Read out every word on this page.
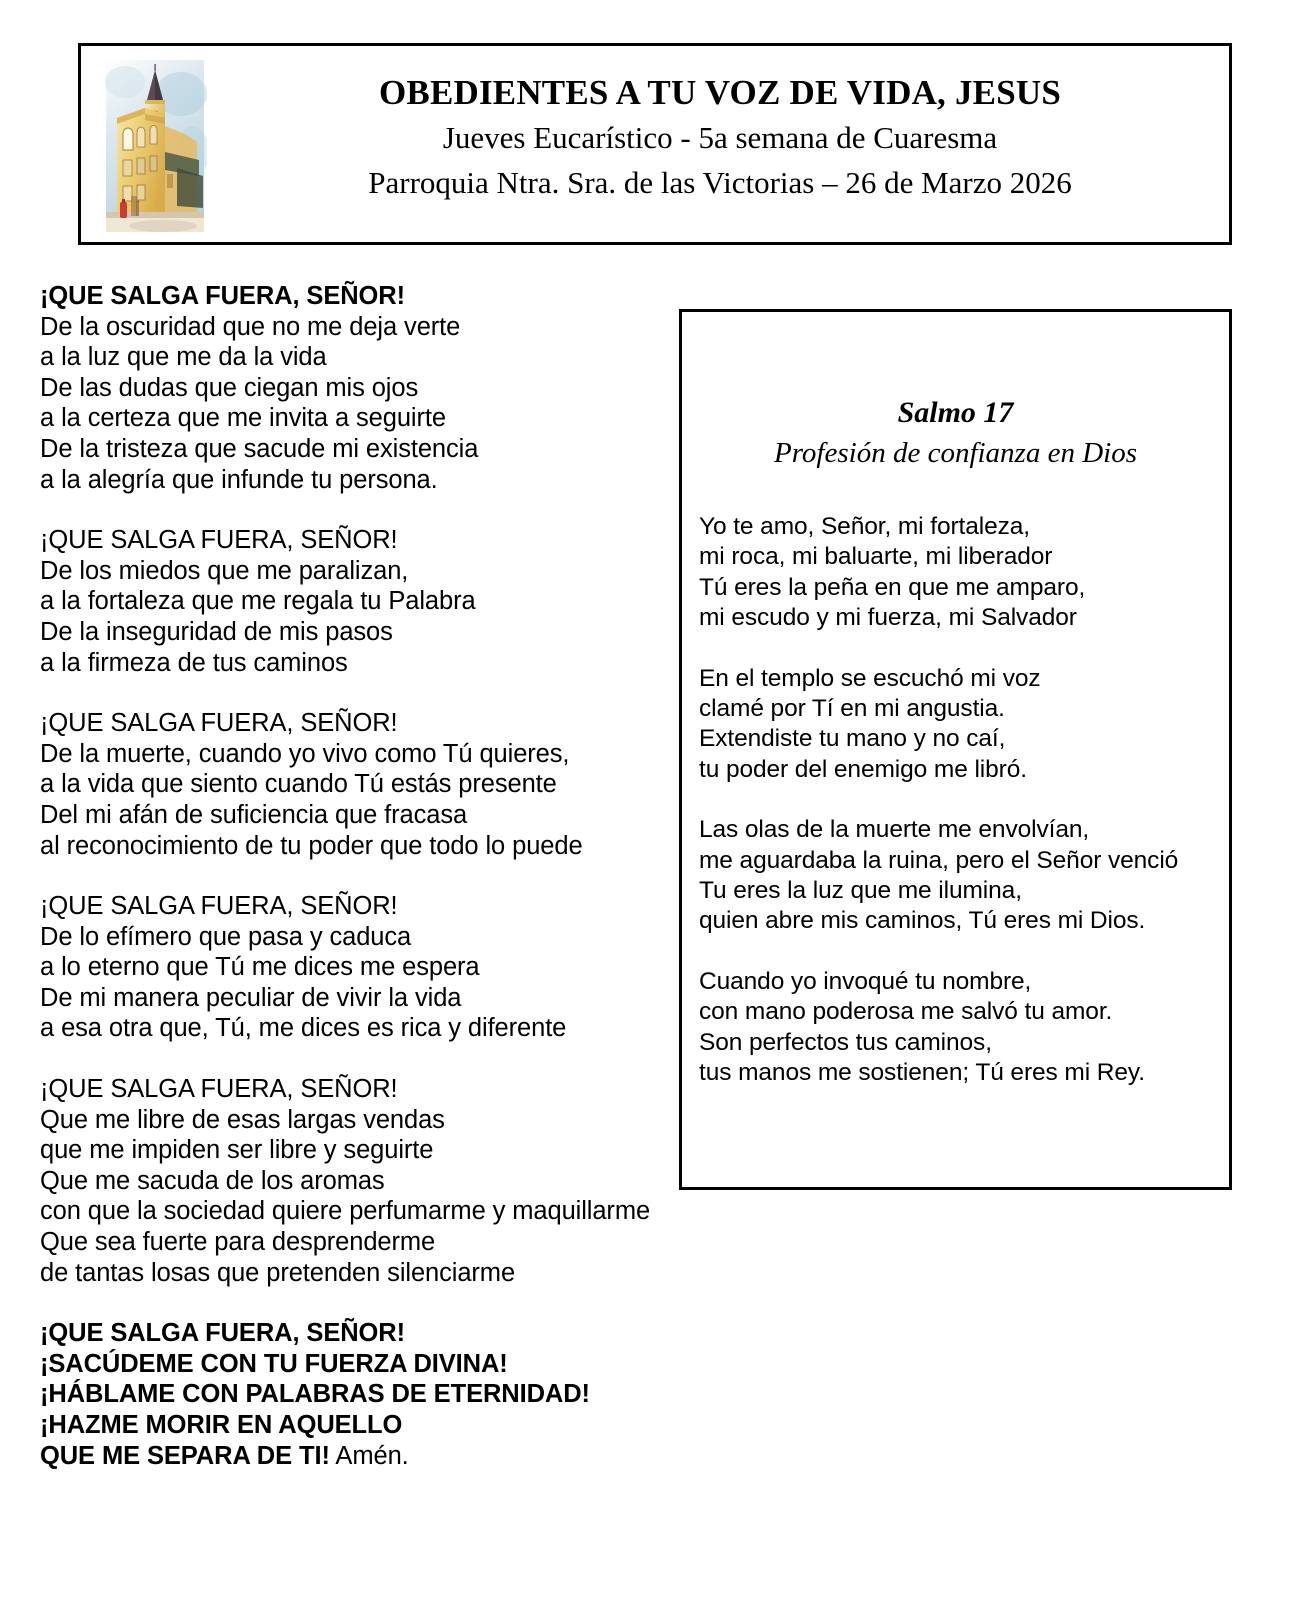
OBEDIENTES A TU VOZ DE VIDA, JESUS
Jueves Eucarístico - 5a semana de Cuaresma
Parroquia Ntra. Sra. de las Victorias – 26 de Marzo 2026
¡QUE SALGA FUERA, SEÑOR!
De la oscuridad que no me deja verte
a la luz que me da la vida
De las dudas que ciegan mis ojos
a la certeza que me invita a seguirte
De la tristeza que sacude mi existencia
a la alegría que infunde tu persona.
¡QUE SALGA FUERA, SEÑOR!
De los miedos que me paralizan,
a la fortaleza que me regala tu Palabra
De la inseguridad de mis pasos
a la firmeza de tus caminos
¡QUE SALGA FUERA, SEÑOR!
De la muerte, cuando yo vivo como Tú quieres,
a la vida que siento cuando Tú estás presente
Del mi afán de suficiencia que fracasa
al reconocimiento de tu poder que todo lo puede
¡QUE SALGA FUERA, SEÑOR!
De lo efímero que pasa y caduca
a lo eterno que Tú me dices me espera
De mi manera peculiar de vivir la vida
a esa otra que, Tú, me dices es rica y diferente
¡QUE SALGA FUERA, SEÑOR!
Que me libre de esas largas vendas
que me impiden ser libre y seguirte
Que me sacuda de los aromas
con que la sociedad quiere perfumarme y maquillarme
Que sea fuerte para desprenderme
de tantas losas que pretenden silenciarme
¡QUE SALGA FUERA, SEÑOR!
¡SACÚDEME CON TU FUERZA DIVINA!
¡HÁBLAME CON PALABRAS DE ETERNIDAD!
¡HAZME MORIR EN AQUELLO
QUE ME SEPARA DE TI! Amén.
Salmo 17
Profesión de confianza en Dios
Yo te amo, Señor, mi fortaleza,
mi roca, mi baluarte, mi liberador
Tú eres la peña en que me amparo,
mi escudo y mi fuerza, mi Salvador
En el templo se escuchó mi voz
clamé por Tí en mi angustia.
Extendiste tu mano y no caí,
tu poder del enemigo me libró.
Las olas de la muerte me envolvían,
me aguardaba la ruina, pero el Señor venció
Tu eres la luz que me ilumina,
quien abre mis caminos, Tú eres mi Dios.
Cuando yo invoqué tu nombre,
con mano poderosa me salvó tu amor.
Son perfectos tus caminos,
tus manos me sostienen; Tú eres mi Rey.
